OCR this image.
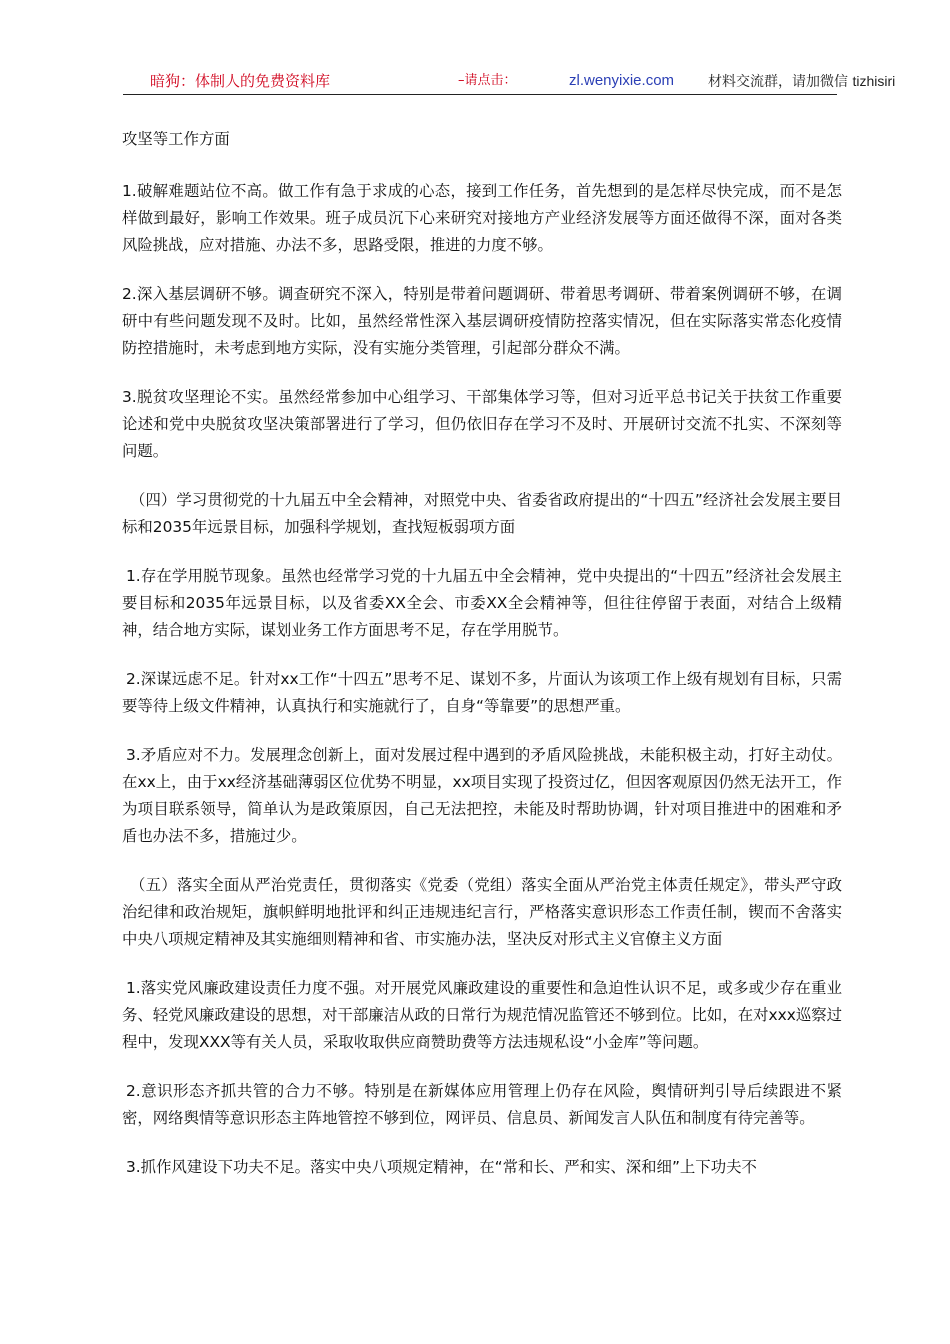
暗狗：体制人的免费资料库	–请点击：	zl.wenyixie.com 材料交流群，请加微信 tizhisiri

攻坚等工作方面

1.破解难题站位不高。做工作有急于求成的心态，接到工作任务，首先想到的是怎样尽快完成，而不是怎样做到最好，影响工作效果。班子成员沉下心来研究对接地方产业经济发展等方面还做得不深，面对各类风险挑战，应对措施、办法不多，思路受限，推进的力度不够。

2.深入基层调研不够。调查研究不深入，特别是带着问题调研、带着思考调研、带着案例调研不够，在调研中有些问题发现不及时。比如，虽然经常性深入基层调研疫情防控落实情况，但在实际落实常态化疫情防控措施时，未考虑到地方实际，没有实施分类管理，引起部分群众不满。

3.脱贫攻坚理论不实。虽然经常参加中心组学习、干部集体学习等，但对习近平总书记关于扶贫工作重要论述和党中央脱贫攻坚决策部署进行了学习，但仍依旧存在学习不及时、开展研讨交流不扎实、不深刻等问题。

（四）学习贯彻党的十九届五中全会精神，对照党中央、省委省政府提出的“十四五”经济社会发展主要目标和2035年远景目标，加强科学规划，查找短板弱项方面

1.存在学用脱节现象。虽然也经常学习党的十九届五中全会精神，党中央提出的“十四五”经济社会发展主要目标和2035年远景目标，以及省委XX全会、市委XX全会精神等，但往往停留于表面，对结合上级精神，结合地方实际，谋划业务工作方面思考不足，存在学用脱节。

2.深谋远虑不足。针对xx工作“十四五”思考不足、谋划不多，片面认为该项工作上级有规划有目标，只需要等待上级文件精神，认真执行和实施就行了，自身“等靠要”的思想严重。

3.矛盾应对不力。发展理念创新上，面对发展过程中遇到的矛盾风险挑战，未能积极主动，打好主动仗。在xx上，由于xx经济基础薄弱区位优势不明显，xx项目实现了投资过亿，但因客观原因仍然无法开工，作为项目联系领导，简单认为是政策原因，自己无法把控，未能及时帮助协调，针对项目推进中的困难和矛盾也办法不多，措施过少。

（五）落实全面从严治党责任，贯彻落实《党委（党组）落实全面从严治党主体责任规定》，带头严守政治纪律和政治规矩，旗帜鲜明地批评和纠正违规违纪言行，严格落实意识形态工作责任制，锲而不舍落实中央八项规定精神及其实施细则精神和省、市实施办法，坚决反对形式主义官僚主义方面

1.落实党风廉政建设责任力度不强。对开展党风廉政建设的重要性和急迫性认识不足，或多或少存在重业务、轻党风廉政建设的思想，对干部廉洁从政的日常行为规范情况监管还不够到位。比如，在对xxx巡察过程中，发现XXX等有关人员，采取收取供应商赞助费等方法违规私设“小金库”等问题。

2.意识形态齐抓共管的合力不够。特别是在新媒体应用管理上仍存在风险，舆情研判引导后续跟进不紧密，网络舆情等意识形态主阵地管控不够到位，网评员、信息员、新闻发言人队伍和制度有待完善等。

3.抓作风建设下功夫不足。落实中央八项规定精神，在“常和长、严和实、深和细”上下功夫不
